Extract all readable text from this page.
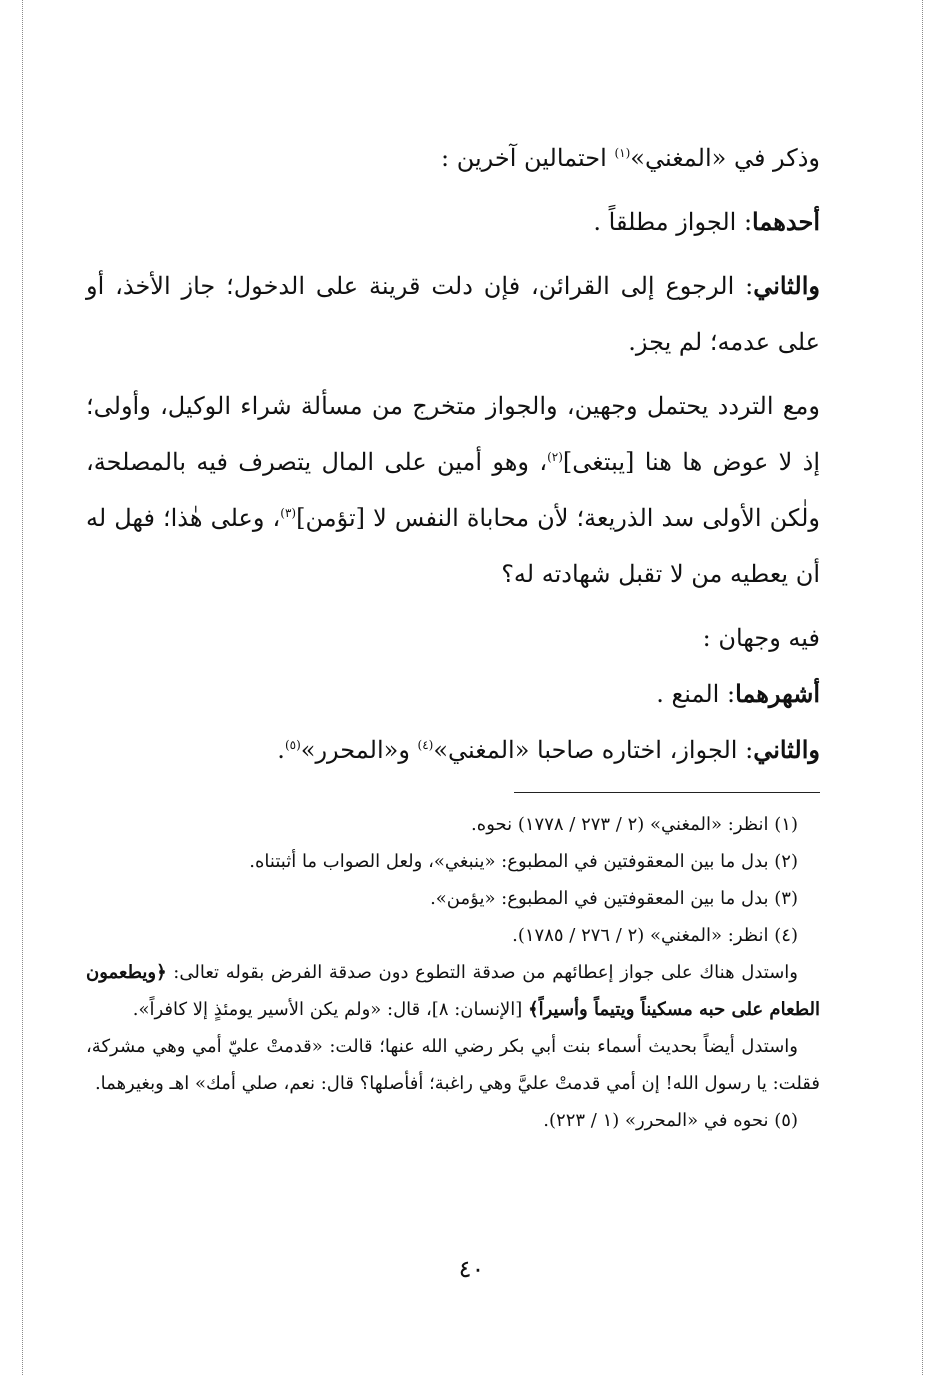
وذكر في «المغني»$^{(١)}$ احتمالين آخرين :

أحدهما: الجواز مطلقاً .

والثاني: الرجوع إلى القرائن، فإن دلت قرينة على الدخول؛ جاز الأخذ، أو على عدمه؛ لم يجز.

ومع التردد يحتمل وجهين، والجواز متخرج من مسألة شراء الوكيل، وأولى؛ إذ لا عوض ها هنا [يبتغى]$^{(٢)}$، وهو أمين على المال يتصرف فيه بالمصلحة، ولٰكن الأولى سد الذريعة؛ لأن محاباة النفس لا [تؤمن]$^{(٣)}$، وعلى هٰذا؛ فهل له أن يعطيه من لا تقبل شهادته له؟

فيه وجهان :

أشهرهما: المنع .

والثاني: الجواز، اختاره صاحبا «المغني»$^{(٤)}$ و«المحرر»$^{(٥)}$.

(١) انظر: «المغني» (٢ / ٢٧٣ / ١٧٧٨) نحوه.

(٢) بدل ما بين المعقوفتين في المطبوع: «ينبغي»، ولعل الصواب ما أثبتناه.

(٣) بدل ما بين المعقوفتين في المطبوع: «يؤمن».

(٤) انظر: «المغني» (٢ / ٢٧٦ / ١٧٨٥).

واستدل هناك على جواز إعطائهم من صدقة التطوع دون صدقة الفرض بقوله تعالى: ﴿ويطعمون الطعام على حبه مسكيناً ويتيماً وأسيراً﴾ [الإنسان: ٨]، قال: «ولم يكن الأسير يومئذٍ إلا كافراً».

واستدل أيضاً بحديث أسماء بنت أبي بكر رضي الله عنها؛ قالت: «قدمتْ عليّ أمي وهي مشركة، فقلت: يا رسول الله! إن أمي قدمتْ عليَّ وهي راغبة؛ أفأصلها؟ قال: نعم، صلي أمك» اهـ وبغيرهما.

(٥) نحوه في «المحرر» (١ / ٢٢٣).

٤٠
